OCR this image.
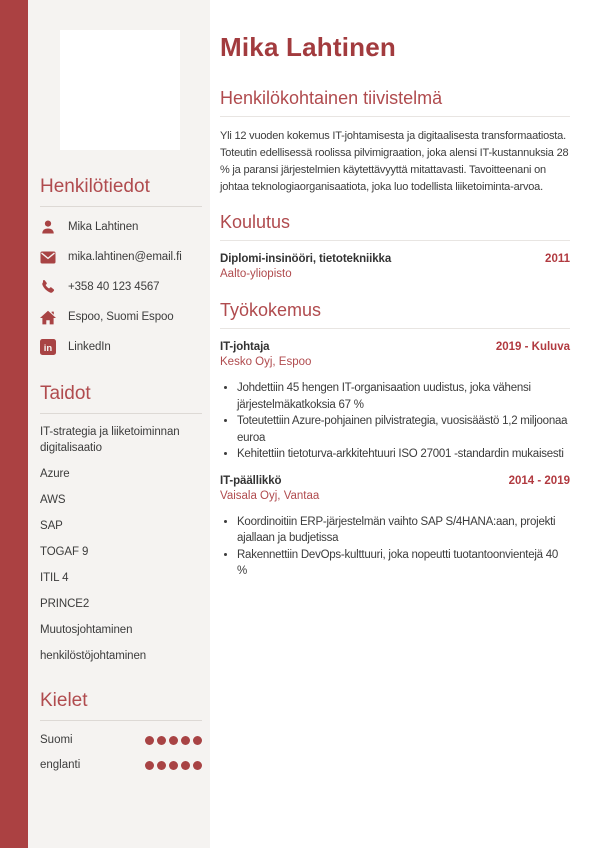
Henkilötiedot
Mika Lahtinen
mika.lahtinen@email.fi
+358 40 123 4567
Espoo, Suomi Espoo
in LinkedIn
Taidot
IT-strategia ja liiketoiminnan digitalisaatio
Azure
AWS
SAP
TOGAF 9
ITIL 4
PRINCE2
Muutosjohtaminen
henkilöstöjohtaminen
Kielet
Suomi
englanti
Mika Lahtinen
Henkilökohtainen tiivistelmä

Yli 12 vuoden kokemus IT-johtamisesta ja digitaalisesta transformaatiosta. Toteutin edellisessä roolissa pilvimigraation, joka alensi IT-kustannuksia 28 % ja paransi järjestelmien käytettävyyttä mitattavasti. Tavoitteenani on johtaa teknologiaorganisaatiota, joka luo todellista liiketoiminta-arvoa.

Koulutus
Diplomi-insinööri, tietotekniikka	2011
Aalto-yliopisto
Työkokemus
IT-johtaja	2019 - Kuluva
Kesko Oyj, Espoo
• Johdettiin 45 hengen IT-organisaation uudistus, joka vähensi järjestelmäkatkoksia 67 %
• Toteutettiin Azure-pohjainen pilvistrategia, vuosisäästö 1,2 miljoonaa euroa
• Kehitettiin tietoturva-arkkitehtuuri ISO 27001 -standardin mukaisesti
IT-päällikkö	2014 - 2019
Vaisala Oyj, Vantaa
• Koordinoitiin ERP-järjestelmän vaihto SAP S/4HANA:aan, projekti ajallaan ja budjetissa
• Rakennettiin DevOps-kulttuuri, joka nopeutti tuotantoonvientejä 40 %
